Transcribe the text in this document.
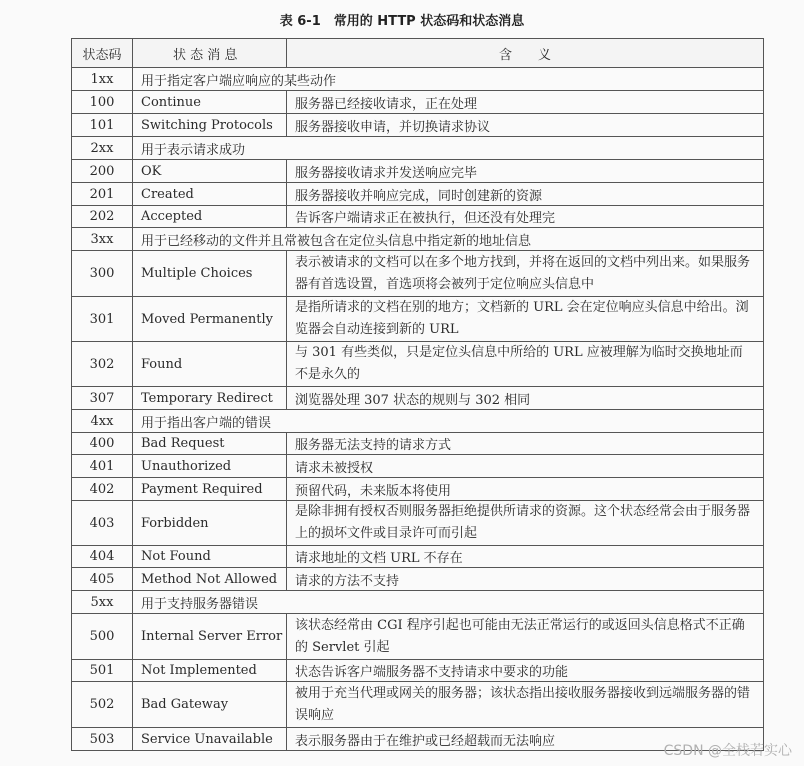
表 6-1　常用的 HTTP 状态码和状态消息
状态码	状 态 消 息	含　　义
1xx	用于指定客户端应响应的某些动作	
100	Continue	服务器已经接收请求，正在处理
101	Switching Protocols	服务器接收申请，并切换请求协议
2xx	用于表示请求成功	
200	OK	服务器接收请求并发送响应完毕
201	Created	服务器接收并响应完成，同时创建新的资源
202	Accepted	告诉客户端请求正在被执行，但还没有处理完
3xx	用于已经移动的文件并且常被包含在定位头信息中指定新的地址信息	
300	Multiple Choices	表示被请求的文档可以在多个地方找到，并将在返回的文档中列出来。如果服务器有首选设置，首选项将会被列于定位响应头信息中
301	Moved Permanently	是指所请求的文档在别的地方；文档新的 URL 会在定位响应头信息中给出。浏览器会自动连接到新的 URL
302	Found	与 301 有些类似，只是定位头信息中所给的 URL 应被理解为临时交换地址而不是永久的
307	Temporary Redirect	浏览器处理 307 状态的规则与 302 相同
4xx	用于指出客户端的错误	
400	Bad Request	服务器无法支持的请求方式
401	Unauthorized	请求未被授权
402	Payment Required	预留代码，未来版本将使用
403	Forbidden	是除非拥有授权否则服务器拒绝提供所请求的资源。这个状态经常会由于服务器上的损坏文件或目录许可而引起
404	Not Found	请求地址的文档 URL 不存在
405	Method Not Allowed	请求的方法不支持
5xx	用于支持服务器错误	
500	Internal Server Error	该状态经常由 CGI 程序引起也可能由无法正常运行的或返回头信息格式不正确的 Servlet 引起
501	Not Implemented	状态告诉客户端服务器不支持请求中要求的功能
502	Bad Gateway	被用于充当代理或网关的服务器；该状态指出接收服务器接收到远端服务器的错误响应
503	Service Unavailable	表示服务器由于在维护或已经超载而无法响应
CSDN @全栈若实心
